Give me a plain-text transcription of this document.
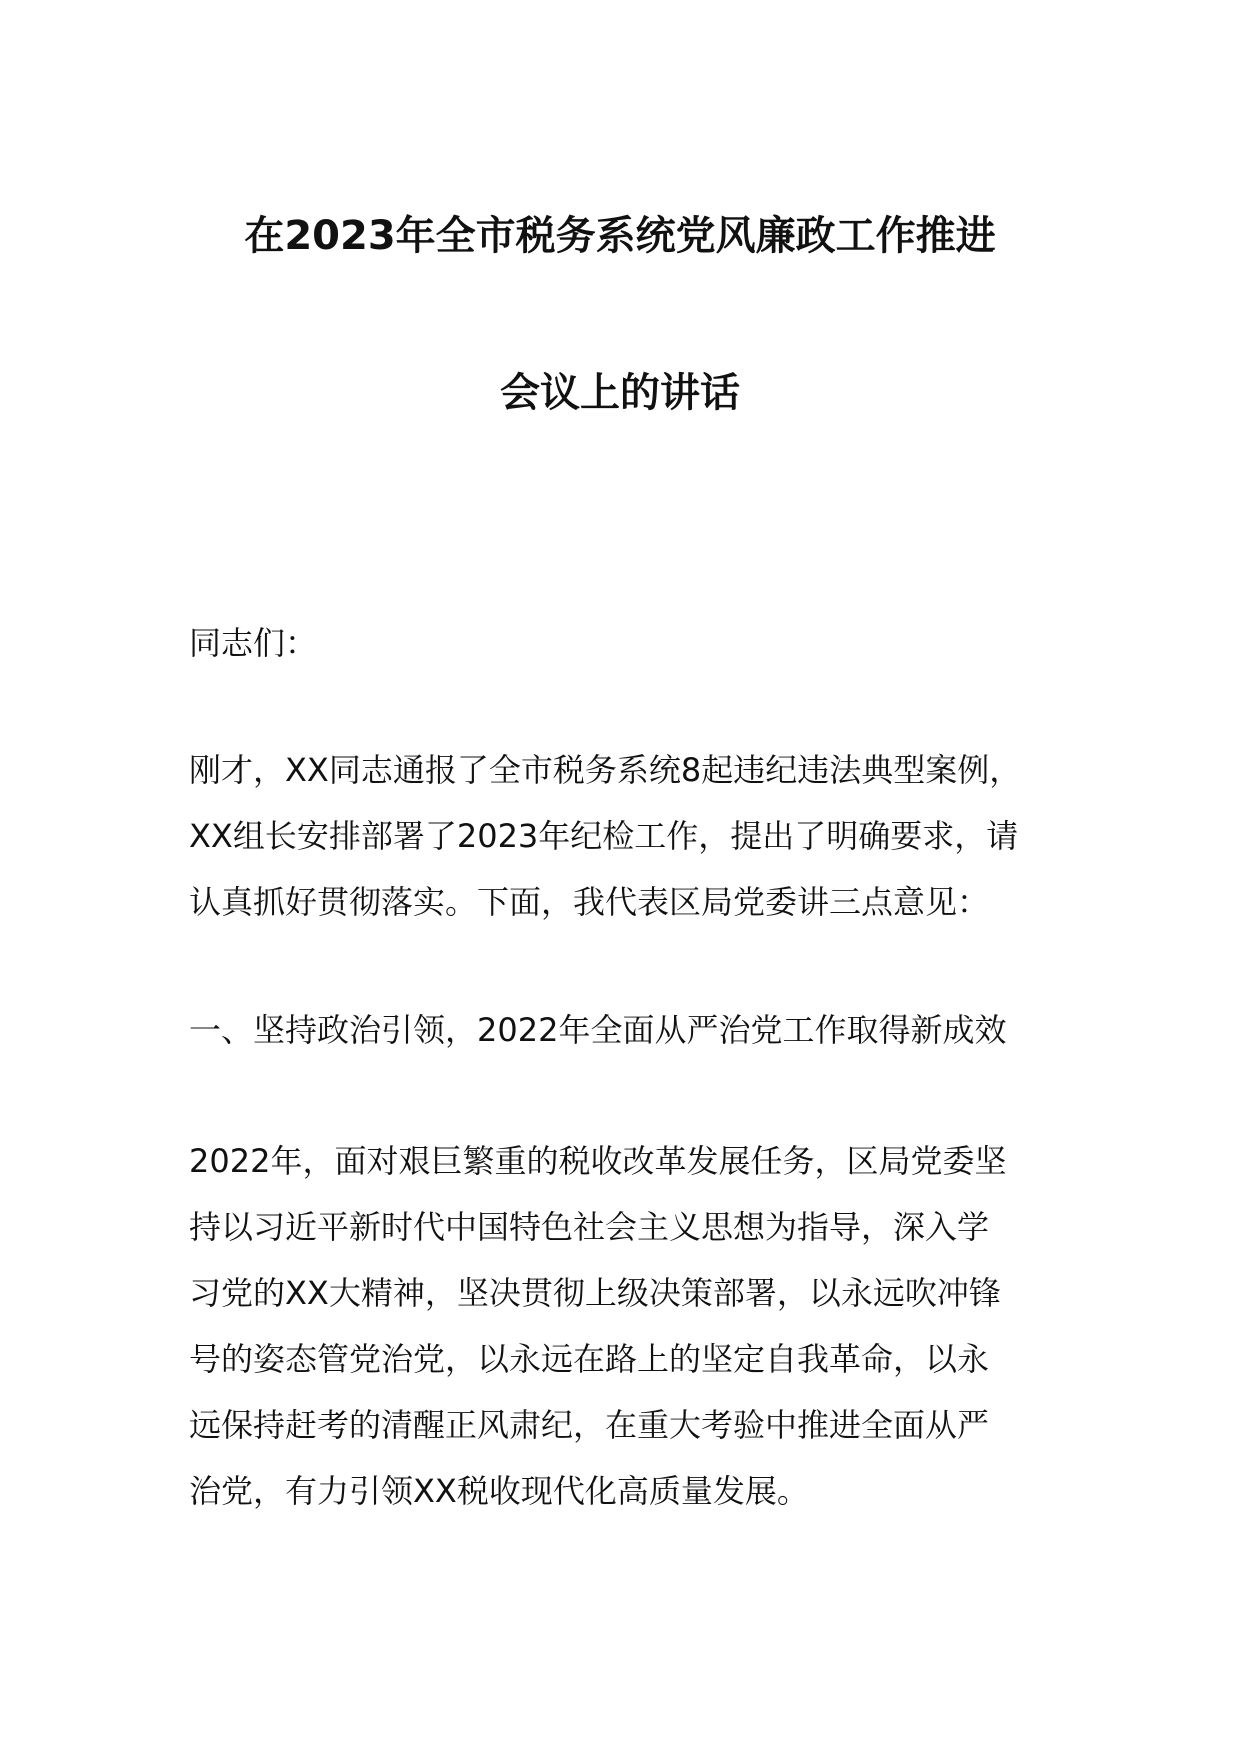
在2023年全市税务系统党风廉政工作推进
会议上的讲话
同志们：
刚才，XX同志通报了全市税务系统8起违纪违法典型案例，
XX组长安排部署了2023年纪检工作，提出了明确要求，请
认真抓好贯彻落实。下面，我代表区局党委讲三点意见：
一、坚持政治引领，2022年全面从严治党工作取得新成效
2022年，面对艰巨繁重的税收改革发展任务，区局党委坚
持以习近平新时代中国特色社会主义思想为指导，深入学
习党的XX大精神，坚决贯彻上级决策部署，以永远吹冲锋
号的姿态管党治党，以永远在路上的坚定自我革命，以永
远保持赶考的清醒正风肃纪，在重大考验中推进全面从严
治党，有力引领XX税收现代化高质量发展。
